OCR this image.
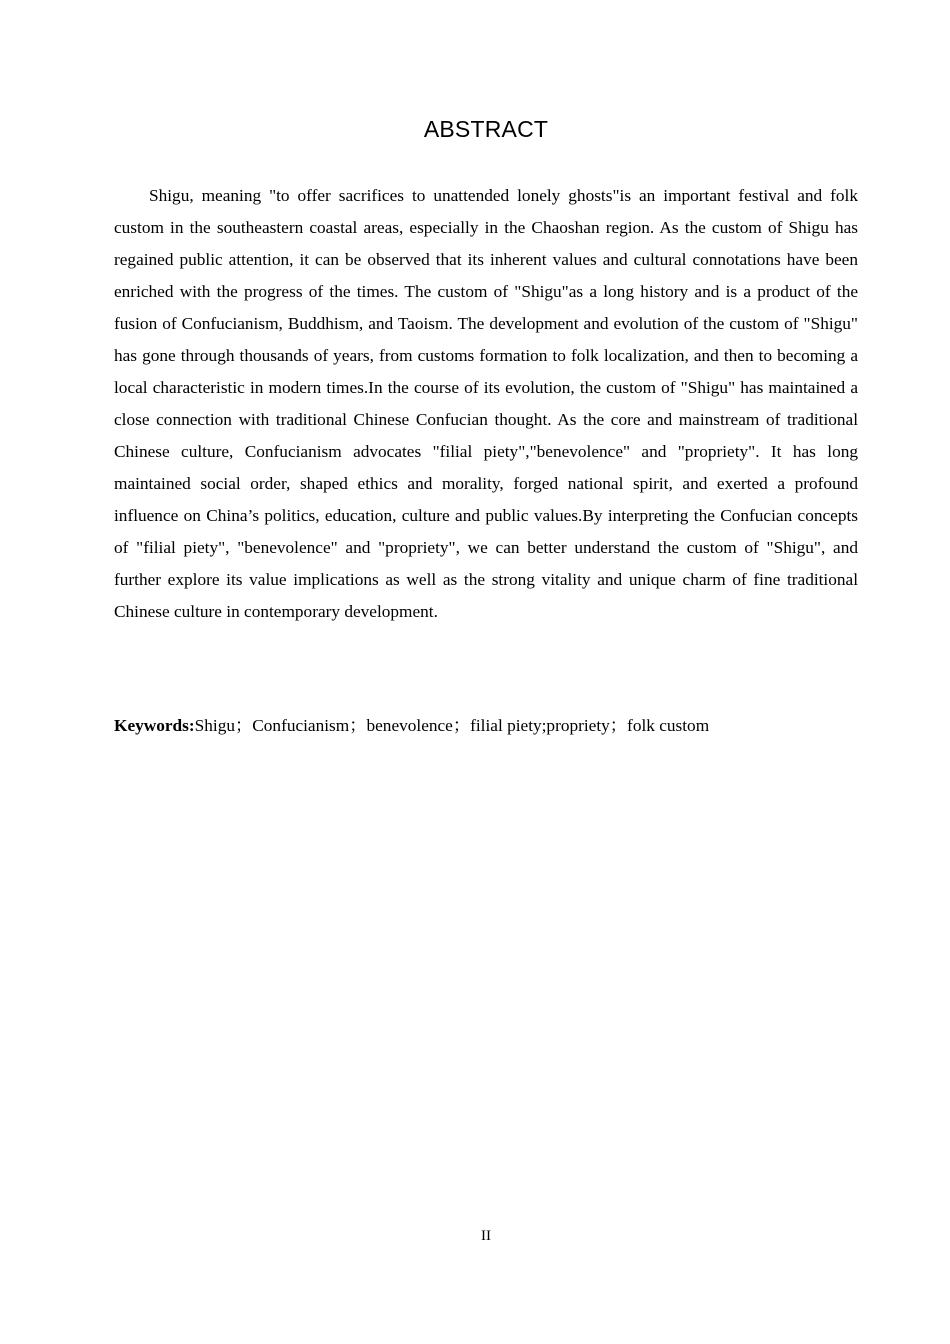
ABSTRACT

Shigu, meaning "to offer sacrifices to unattended lonely ghosts"is an important festival and folk custom in the southeastern coastal areas, especially in the Chaoshan region. As the custom of Shigu has regained public attention, it can be observed that its inherent values and cultural connotations have been enriched with the progress of the times. The custom of "Shigu"as a long history and is a product of the fusion of Confucianism, Buddhism, and Taoism. The development and evolution of the custom of "Shigu" has gone through thousands of years, from customs formation to folk localization, and then to becoming a local characteristic in modern times.In the course of its evolution, the custom of "Shigu" has maintained a close connection with traditional Chinese Confucian thought. As the core and mainstream of traditional Chinese culture, Confucianism advocates "filial piety","benevolence" and "propriety". It has long maintained social order, shaped ethics and morality, forged national spirit, and exerted a profound influence on China’s politics, education, culture and public values.By interpreting the Confucian concepts of "filial piety", "benevolence" and "propriety", we can better understand the custom of "Shigu", and further explore its value implications as well as the strong vitality and unique charm of fine traditional Chinese culture in contemporary development.

Keywords:Shigu；Confucianism；benevolence；filial piety;propriety；folk custom
II
